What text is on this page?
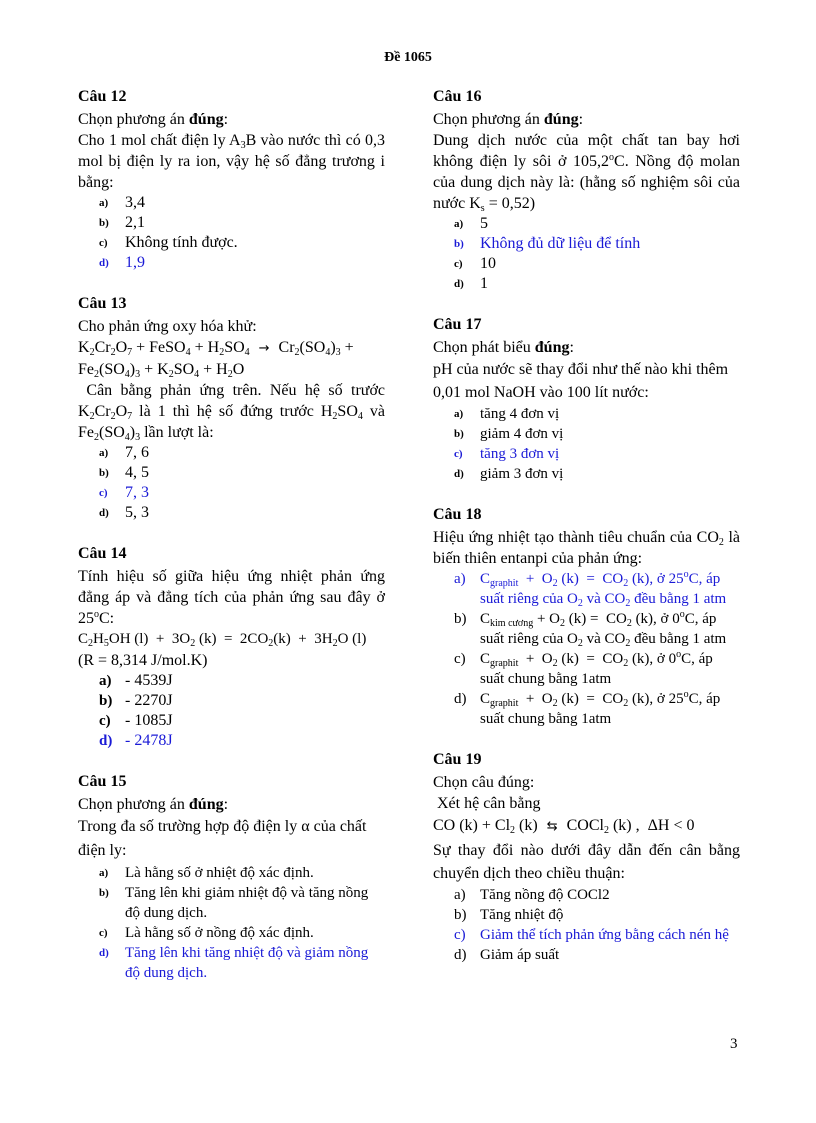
Đề 1065
Câu 12
Chọn phương án đúng:
Cho 1 mol chất điện ly $A_3B$ vào nước thì có 0,3 mol bị điện ly ra ion, vậy hệ số đẳng trương i bằng:
a)	3,4
b)	2,1
c)	Không tính được.
d)	1,9
Câu 13
Cho phản ứng oxy hóa khử:
$K_2Cr_2O_7$ + FeSO$_4$ + $H_2SO_4 \to Cr_2(SO_4)_3$ +
$Fe_2(SO_4)_3 + K_2SO_4 + H_2O$
Cân bằng phản ứng trên. Nếu hệ số trước $K_2Cr_2O_7$ là 1 thì hệ số đứng trước $H_2SO_4$ và $Fe_2(SO_4)_3$ lần lượt là:
a)	7, 6
b)	4, 5
c)	7, 3
d)	5, 3
Câu 14
Tính hiệu số giữa hiệu ứng nhiệt phản ứng đẳng áp và đẳng tích của phản ứng sau đây ở 25$^o$C:
$C_2H_5OH$ $(l) + 3O_2$ $(k) = 2CO_2(k) + 3H_2O$ (l)
(R = 8,314 J/mol.K)
a) - 4539J
b) - 2270J
c) - 1085J
d) - 2478J
Câu 15
Chọn phương án đúng:
Trong đa số trường hợp độ điện ly α của chất điện ly:
a)	Là hằng số ở nhiệt độ xác định.
b)	Tăng lên khi giảm nhiệt độ và tăng nồng độ dung dịch.
c)	Là hằng số ở nồng độ xác định.
d)	Tăng lên khi tăng nhiệt độ và giảm nồng độ dung dịch.
Câu 16
Chọn phương án đúng:
Dung dịch nước của một chất tan bay hơi không điện ly sôi ở 105,2$^o$C. Nồng độ molan của dung dịch này là: (hằng số nghiệm sôi của nước $K_s = 0,52$)
a)	5
b)	Không đủ dữ liệu để tính
c)	10
d)	1
Câu 17
Chọn phát biểu đúng:
pH của nước sẽ thay đổi như thế nào khi thêm 0,01 mol NaOH vào 100 lít nước:
a)	tăng 4 đơn vị
b)	giảm 4 đơn vị
c)	tăng 3 đơn vị
d)	giảm 3 đơn vị
Câu 18
Hiệu ứng nhiệt tạo thành tiêu chuẩn của $CO_2$ là biến thiên entanpi của phản ứng:
a) $C_{graphit} + O_2$ $(k) = CO_2$ (k), ở 25$^o$C, áp suất riêng của $O_2$ và $CO_2$ đều bằng 1 atm
b) $C_{kim cương} + O_2$ $(k) = CO_2$ (k), ở 0$^o$C, áp suất riêng của $O_2$ và $CO_2$ đều bằng 1 atm
c) $C_{graphit} + O_2$ $(k) = CO_2$ (k), ở 0$^o$C, áp suất chung bằng 1atm
d) $C_{graphit} + O_2$ $(k) = CO_2$ (k), ở 25$^o$C, áp suất chung bằng 1atm
Câu 19
Chọn câu đúng:
Xét hệ cân bằng
CO $(k) + Cl_2$ (k) ⇆ COCl$_2$ (k) ,  ΔH < 0
Sự thay đổi nào dưới đây dẫn đến cân bằng chuyển dịch theo chiều thuận:
a) Tăng nồng độ COCl2
b) Tăng nhiệt độ
c) Giảm thể tích phản ứng bằng cách nén hệ
d) Giảm áp suất
3
